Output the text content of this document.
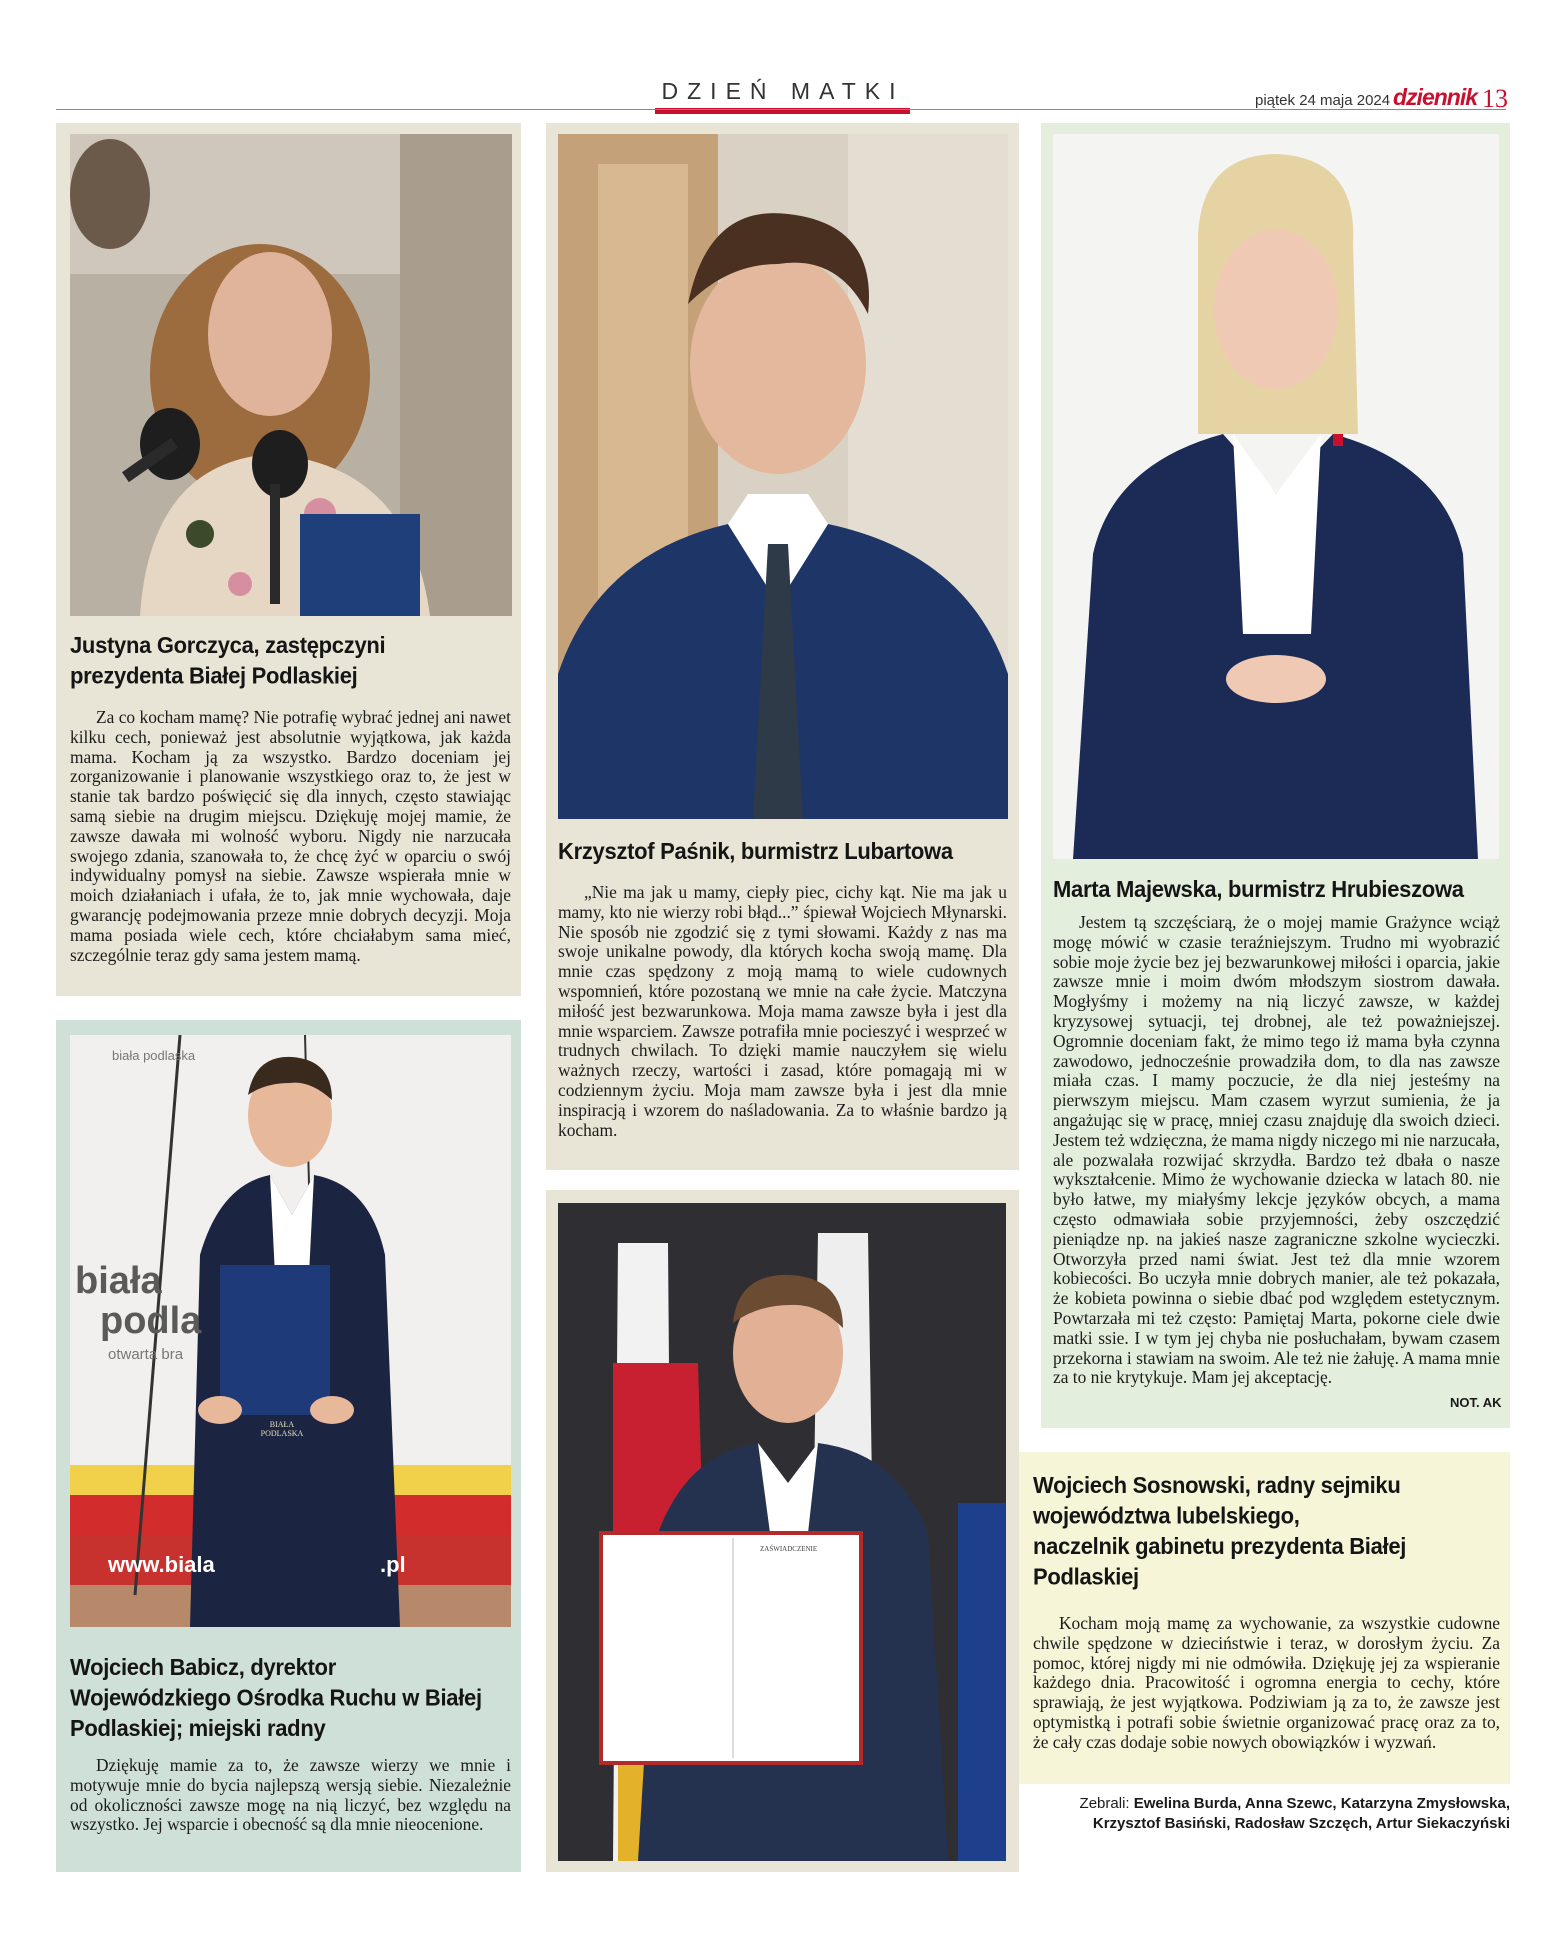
DZIEŃ MATKI	piątek 24 maja 2024 dziennik 13
Justyna Gorczyca, zastępczyni prezydenta Białej Podlaskiej
Za co kocham mamę? Nie potrafię wybrać jednej ani nawet kilku cech, ponieważ jest absolutnie wyjątkowa, jak każda mama. Kocham ją za wszystko. Bardzo doceniam jej zorganizowanie i planowanie wszystkiego oraz to, że jest w stanie tak bardzo poświęcić się dla innych, często stawiając samą siebie na drugim miejscu. Dziękuję mojej mamie, że zawsze dawała mi wolność wyboru. Nigdy nie narzucała swojego zdania, szanowała to, że chcę żyć w oparciu o swój indywidualny pomysł na siebie. Zawsze wspierała mnie w moich działaniach i ufała, że to, jak mnie wychowała, daje gwarancję podejmowania przeze mnie dobrych decyzji. Moja mama posiada wiele cech, które chciałabym sama mieć, szczególnie teraz gdy sama jestem mamą.
Krzysztof Paśnik, burmistrz Lubartowa
„Nie ma jak u mamy, ciepły piec, cichy kąt. Nie ma jak u mamy, kto nie wierzy robi błąd...” śpiewał Wojciech Młynarski. Nie sposób nie zgodzić się z tymi słowami. Każdy z nas ma swoje unikalne powody, dla których kocha swoją mamę. Dla mnie czas spędzony z moją mamą to wiele cudownych wspomnień, które pozostaną we mnie na całe życie. Matczyna miłość jest bezwarunkowa. Moja mama zawsze była i jest dla mnie wsparciem. Zawsze potrafiła mnie pocieszyć i wesprzeć w trudnych chwilach. To dzięki mamie nauczyłem się wielu ważnych rzeczy, wartości i zasad, które pomagają mi w codziennym życiu. Moja mam zawsze była i jest dla mnie inspiracją i wzorem do naśladowania. Za to właśnie bardzo ją kocham.
Marta Majewska, burmistrz Hrubieszowa
Jestem tą szczęściarą, że o mojej mamie Grażynce wciąż mogę mówić w czasie teraźniejszym. Trudno mi wyobrazić sobie moje życie bez jej bezwarunkowej miłości i oparcia, jakie zawsze mnie i moim dwóm młodszym siostrom dawała. Mogłyśmy i możemy na nią liczyć zawsze, w każdej kryzysowej sytuacji, tej drobnej, ale też poważniejszej. Ogromnie doceniam fakt, że mimo tego iż mama była czynna zawodowo, jednocześnie prowadziła dom, to dla nas zawsze miała czas. I mamy poczucie, że dla niej jesteśmy na pierwszym miejscu. Mam czasem wyrzut sumienia, że ja angażując się w pracę, mniej czasu znajduję dla swoich dzieci. Jestem też wdzięczna, że mama nigdy niczego mi nie narzucała, ale pozwalała rozwijać skrzydła. Bardzo też dbała o nasze wykształcenie. Mimo że wychowanie dziecka w latach 80. nie było łatwe, my miałyśmy lekcje języków obcych, a mama często odmawiała sobie przyjemności, żeby oszczędzić pieniądze np. na jakieś nasze zagraniczne szkolne wycieczki. Otworzyła przed nami świat. Jest też dla mnie wzorem kobiecości. Bo uczyła mnie dobrych manier, ale też pokazała, że kobieta powinna o siebie dbać pod względem estetycznym. Powtarzała mi też często: Pamiętaj Marta, pokorne ciele dwie matki ssie. I w tym jej chyba nie posłuchałam, bywam czasem przekorna i stawiam na swoim. Ale też nie żałuję. A mama mnie za to nie krytykuje. Mam jej akceptację.
NOT. AK
biała podlaska
biała
podla
otwarta bra
www.biala	.pl
BIAŁA PODLASKA
Wojciech Babicz, dyrektor Wojewódzkiego Ośrodka Ruchu w Białej Podlaskiej; miejski radny
Dziękuję mamie za to, że zawsze wierzy we mnie i motywuje mnie do bycia najlepszą wersją siebie. Niezależnie od okoliczności zawsze mogę na nią liczyć, bez względu na wszystko. Jej wsparcie i obecność są dla mnie nieocenione.
ZAŚWIADCZENIE
Wojciech Sosnowski, radny sejmiku
województwa lubelskiego,
naczelnik gabinetu prezydenta Białej
Podlaskiej
Kocham moją mamę za wychowanie, za wszystkie cudowne chwile spędzone w dzieciństwie i teraz, w dorosłym życiu. Za pomoc, której nigdy mi nie odmówiła. Dziękuję jej za wspieranie każdego dnia. Pracowitość i ogromna energia to cechy, które sprawiają, że jest wyjątkowa. Podziwiam ją za to, że zawsze jest optymistką i potrafi sobie świetnie organizować pracę oraz za to, że cały czas dodaje sobie nowych obowiązków i wyzwań.
Zebrali: Ewelina Burda, Anna Szewc, Katarzyna Zmysłowska,
Krzysztof Basiński, Radosław Szczęch, Artur Siekaczyński
